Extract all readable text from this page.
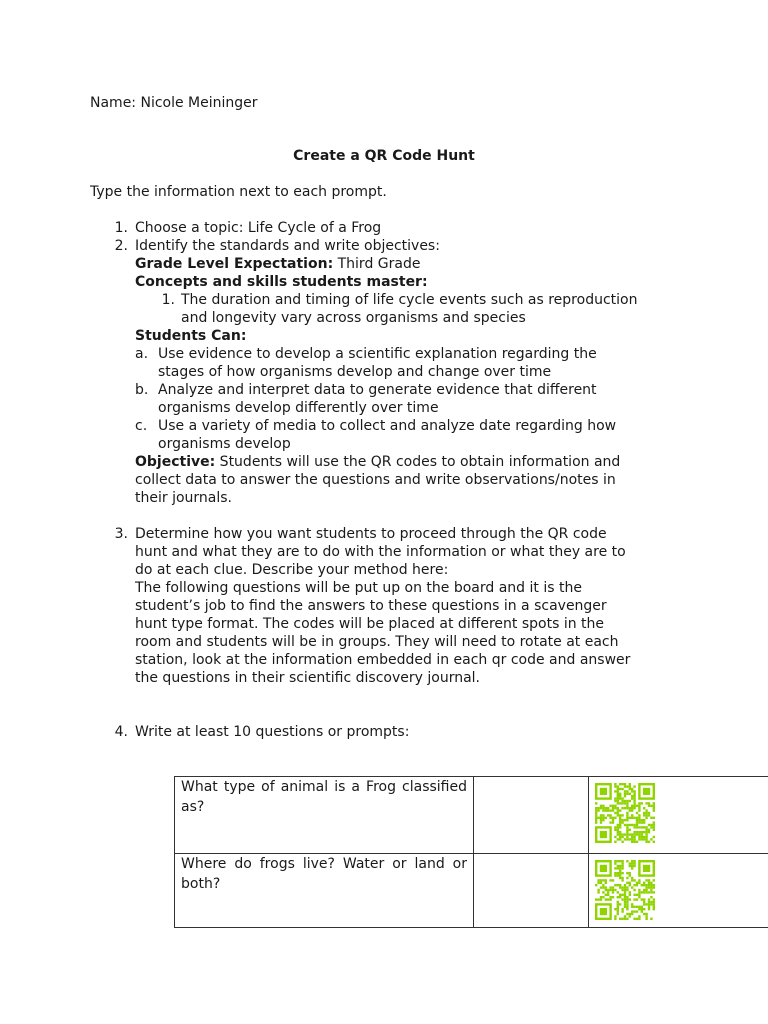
Name: Nicole Meininger
Create a QR Code Hunt
Type the information next to each prompt.
1. Choose a topic: Life Cycle of a Frog
2. Identify the standards and write objectives:
Grade Level Expectation: Third Grade
Concepts and skills students master:
1. The duration and timing of life cycle events such as reproduction
and longevity vary across organisms and species
Students Can:
a. Use evidence to develop a scientific explanation regarding the
stages of how organisms develop and change over time
b. Analyze and interpret data to generate evidence that different
organisms develop differently over time
c. Use a variety of media to collect and analyze date regarding how
organisms develop
Objective: Students will use the QR codes to obtain information and
collect data to answer the questions and write observations/notes in
their journals.
3. Determine how you want students to proceed through the QR code
hunt and what they are to do with the information or what they are to
do at each clue. Describe your method here:
The following questions will be put up on the board and it is the
student’s job to find the answers to these questions in a scavenger
hunt type format. The codes will be placed at different spots in the
room and students will be in groups. They will need to rotate at each
station, look at the information embedded in each qr code and answer
the questions in their scientific discovery journal.
4. Write at least 10 questions or prompts:
What type of animal is a Frog classified as?		

Where do frogs live? Water or land or both?		
